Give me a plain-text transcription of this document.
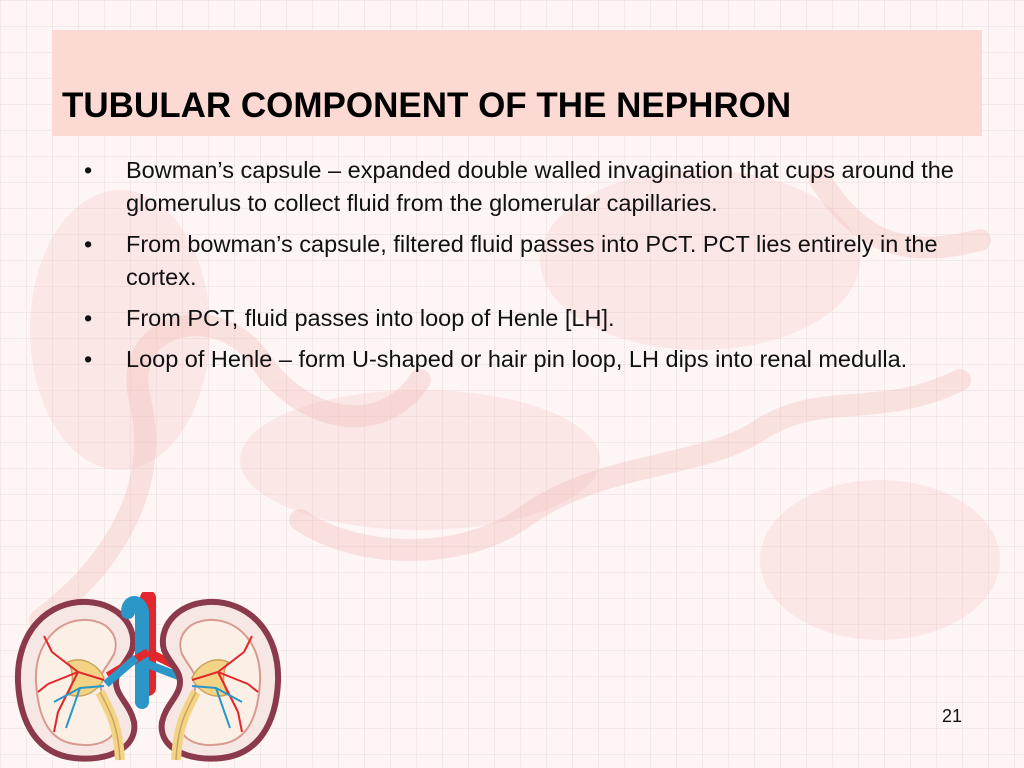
TUBULAR COMPONENT OF THE NEPHRON
• Bowman’s capsule – expanded double walled invagination that cups around the glomerulus to collect fluid from the glomerular capillaries.
• From bowman’s capsule, filtered fluid passes into PCT. PCT lies entirely in the cortex.
• From PCT, fluid passes into loop of Henle [LH].
• Loop of Henle – form U-shaped or hair pin loop, LH dips into renal medulla.
21
